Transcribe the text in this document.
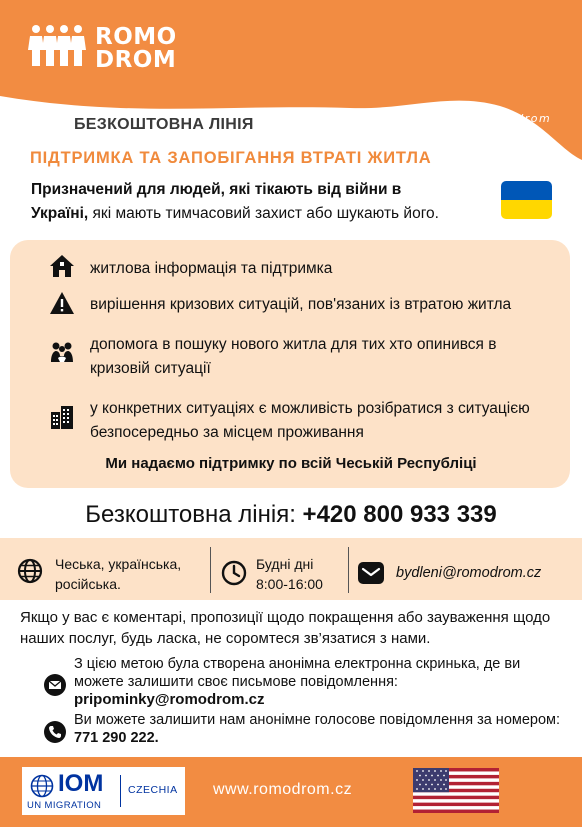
ROMO
DROM
džanas peskero drom
známe naši cestu
БЕЗКОШТОВНА ЛІНІЯ
ПІДТРИМКА ТА ЗАПОБІГАННЯ ВТРАТІ ЖИТЛА
Призначений для людей, які тікають від війни в
Україні, які мають тимчасовий захист або шукають його.
житлова інформація та підтримка
вирішення кризових ситуацій, пов'язаних із втратою житла
допомога в пошуку нового житла для тих хто опинився в
кризовій ситуації
у конкретних ситуаціях є можливість розібратися з ситуацією
безпосередньо за місцем проживання
Ми надаємо підтримку по всій Чеській Республіці
Безкоштовна лінія: +420 800 933 339
Чеська, українська,
російська.
Будні дні
8:00-16:00
bydleni@romodrom.cz
Якщо у вас є коментарі, пропозиції щодо покращення або зауваження щодо наших послуг, будь ласка, не соромтеся зв’язатися з нами.
З цією метою була створена анонімна електронна скринька, де ви можете залишити своє письмове повідомлення:
pripominky@romodrom.cz
Ви можете залишити нам анонімне голосове повідомлення за номером: 771 290 222.
IOM
UN MIGRATION
CZECHIA www.romodrom.cz
